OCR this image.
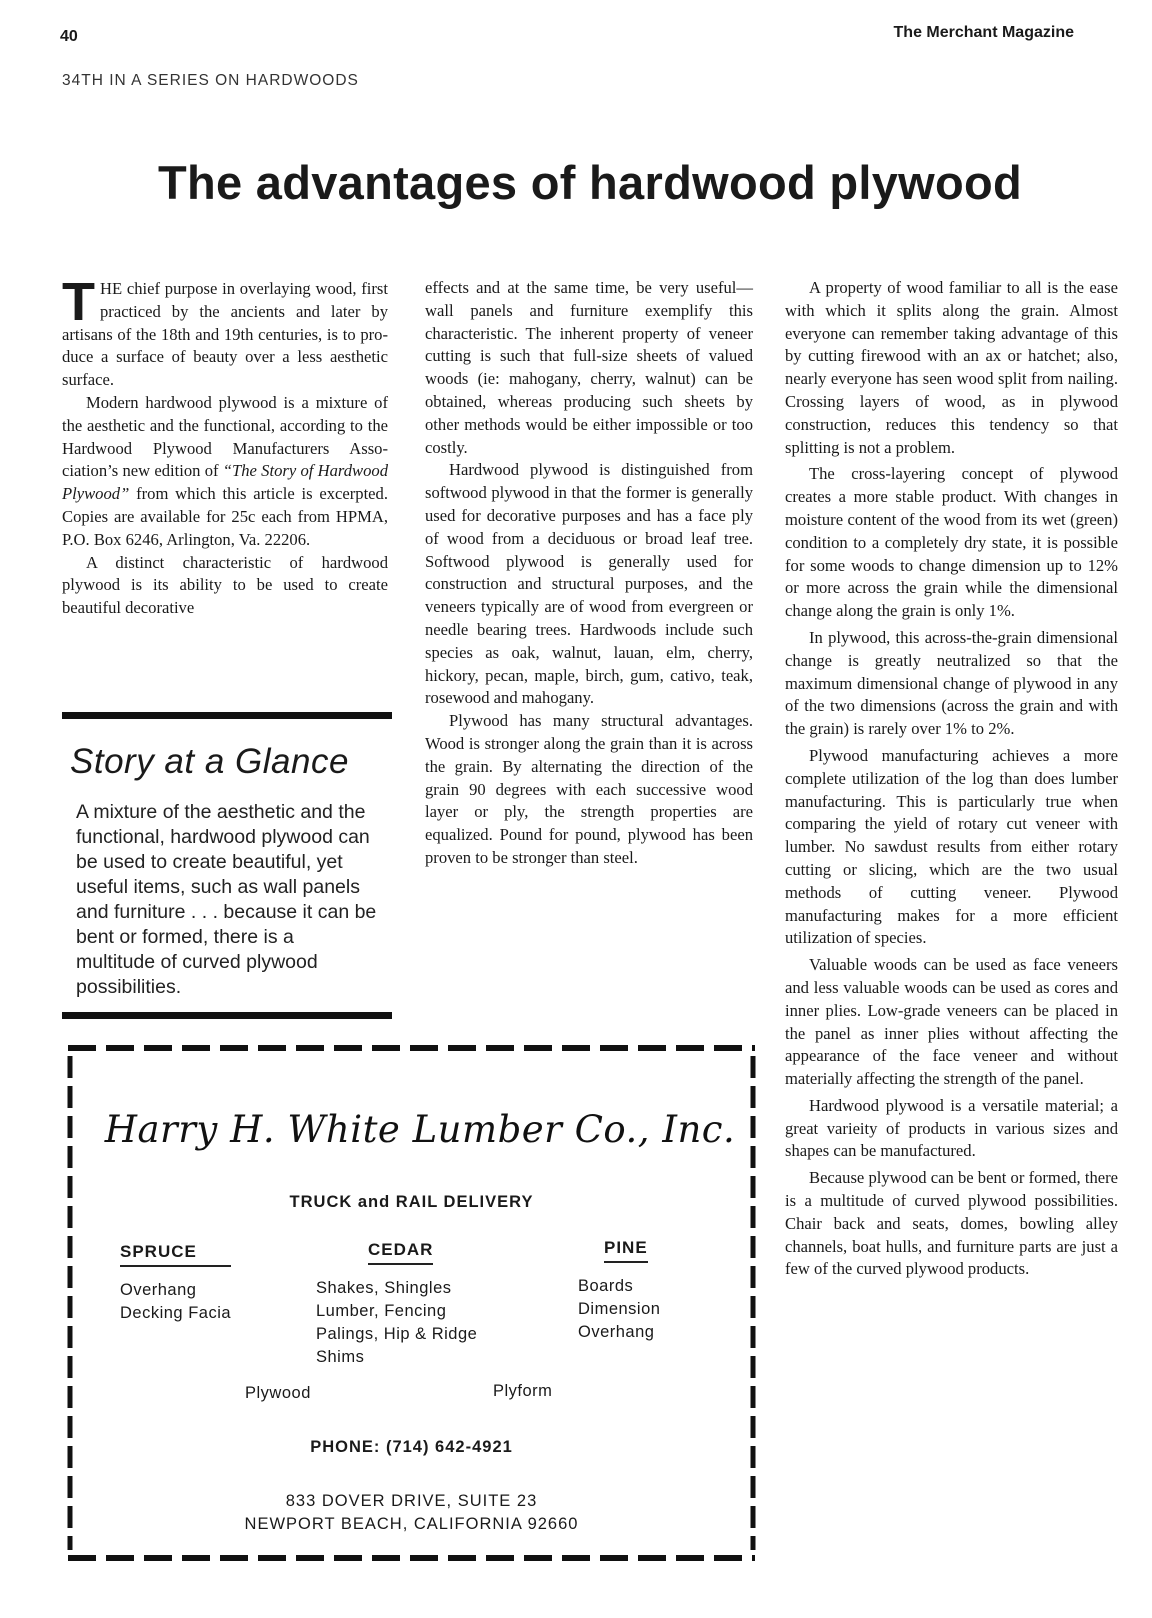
40	The Merchant Magazine
34TH IN A SERIES ON HARDWOODS
The advantages of hardwood plywood

THE chief purpose in overlaying wood, first practiced by the ancients and later by artisans of the 18th and 19th centuries, is to produce a surface of beauty over a less aesthetic surface.

Modern hardwood plywood is a mixture of the aesthetic and the functional, according to the Hardwood Plywood Manufacturers Association’s new edition of “The Story of Hardwood Plywood” from which this article is excerpted. Copies are available for 25c each from HPMA, P.O. Box 6246, Arlington, Va. 22206.

A distinct characteristic of hardwood plywood is its ability to be used to create beautiful decorative

Story at a Glance
A mixture of the aesthetic and the functional, hardwood plywood can be used to create beautiful, yet useful items, such as wall panels and furniture . . . because it can be bent or formed, there is a multitude of curved plywood possibilities.

effects and at the same time, be very useful—wall panels and furniture exemplify this characteristic. The inherent property of veneer cutting is such that full-size sheets of valued woods (ie: mahogany, cherry, walnut) can be obtained, whereas producing such sheets by other methods would be either impossible or too costly.

Hardwood plywood is distinguished from softwood plywood in that the former is generally used for decorative purposes and has a face ply of wood from a deciduous or broad leaf tree. Softwood plywood is generally used for construction and structural purposes, and the veneers typically are of wood from evergreen or needle bearing trees. Hardwoods include such species as oak, walnut, lauan, elm, cherry, hickory, pecan, maple, birch, gum, cativo, teak, rosewood and mahogany.

Plywood has many structural advantages. Wood is stronger along the grain than it is across the grain. By alternating the direction of the grain 90 degrees with each successive wood layer or ply, the strength properties are equalized. Pound for pound, plywood has been proven to be stronger than steel.

A property of wood familiar to all is the ease with which it splits along the grain. Almost everyone can remember taking advantage of this by cutting firewood with an ax or hatchet; also, nearly everyone has seen wood split from nailing. Crossing layers of wood, as in plywood construction, reduces this tendency so that splitting is not a problem.

The cross-layering concept of plywood creates a more stable product. With changes in moisture content of the wood from its wet (green) condition to a completely dry state, it is possible for some woods to change dimension up to 12% or more across the grain while the dimensional change along the grain is only 1%.

In plywood, this across-the-grain dimensional change is greatly neutralized so that the maximum dimensional change of plywood in any of the two dimensions (across the grain and with the grain) is rarely over 1% to 2%.

Plywood manufacturing achieves a more complete utilization of the log than does lumber manufacturing. This is particularly true when comparing the yield of rotary cut veneer with lumber. No sawdust results from either rotary cutting or slicing, which are the two usual methods of cutting veneer. Plywood manufacturing makes for a more efficient utilization of species.

Valuable woods can be used as face veneers and less valuable woods can be used as cores and inner plies. Low-grade veneers can be placed in the panel as inner plies without affecting the appearance of the face veneer and without materially affecting the strength of the panel.

Hardwood plywood is a versatile material; a great varieity of products in various sizes and shapes can be manufactured.

Because plywood can be bent or formed, there is a multitude of curved plywood possibilities. Chair back and seats, domes, bowling alley channels, boat hulls, and furniture parts are just a few of the curved plywood products.

Harry H. White Lumber Co., Inc.
TRUCK and RAIL DELIVERY
SPRUCE
Overhang
Decking Facia
CEDAR
Shakes, Shingles
Lumber, Fencing
Palings, Hip & Ridge
Shims
PINE
Boards
Dimension
Overhang
Plywood	Plyform
PHONE: (714) 642-4921
833 DOVER DRIVE, SUITE 23
NEWPORT BEACH, CALIFORNIA 92660
